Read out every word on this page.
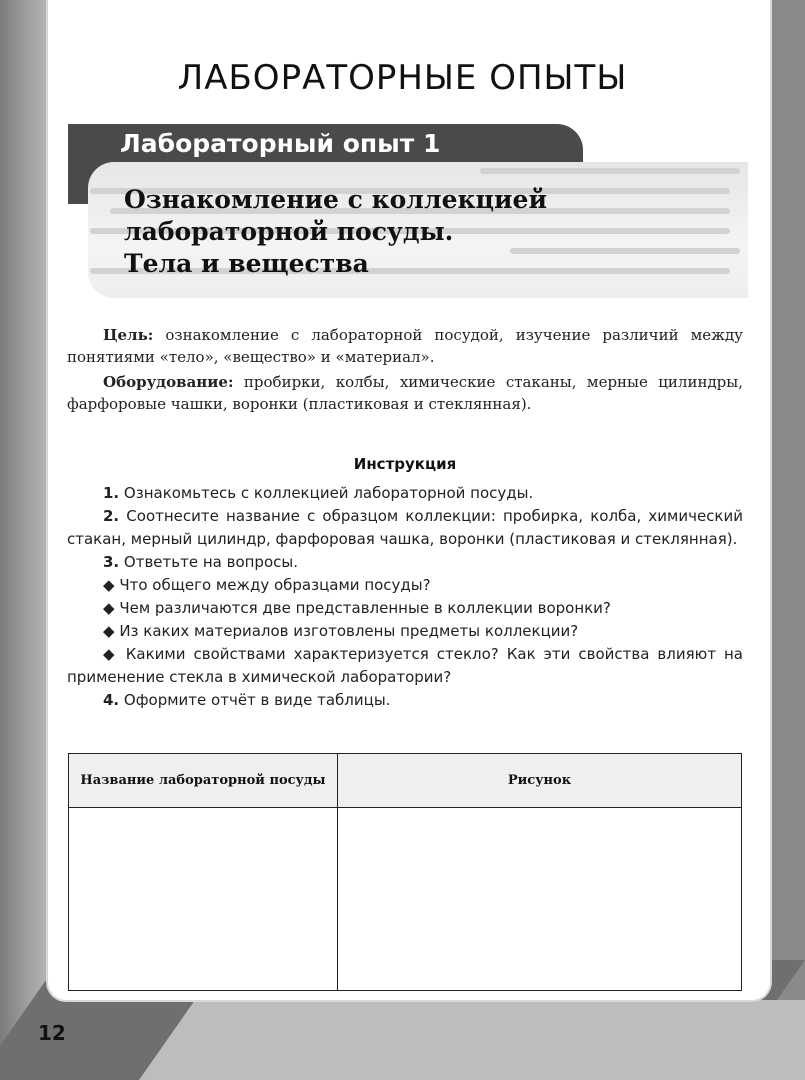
ЛАБОРАТОРНЫЕ ОПЫТЫ
Лабораторный опыт 1
Ознакомление с коллекцией
лабораторной посуды.
Тела и вещества

Цель: ознакомление с лабораторной посудой, изучение различий между понятиями «тело», «вещество» и «материал».

Оборудование: пробирки, колбы, химические стаканы, мерные цилиндры, фарфоровые чашки, воронки (пластиковая и стеклянная).

Инструкция

1. Ознакомьтесь с коллекцией лабораторной посуды.

2. Соотнесите название с образцом коллекции: пробирка, колба, химический стакан, мерный цилиндр, фарфоровая чашка, воронки (пластиковая и стеклянная).

3. Ответьте на вопросы.

◆ Что общего между образцами посуды?

◆ Чем различаются две представленные в коллекции воронки?

◆ Из каких материалов изготовлены предметы коллекции?

◆ Какими свойствами характеризуется стекло? Как эти свойства влияют на применение стекла в химической лаборатории?

4. Оформите отчёт в виде таблицы.

Название лабораторной посуды	Рисунок

12
